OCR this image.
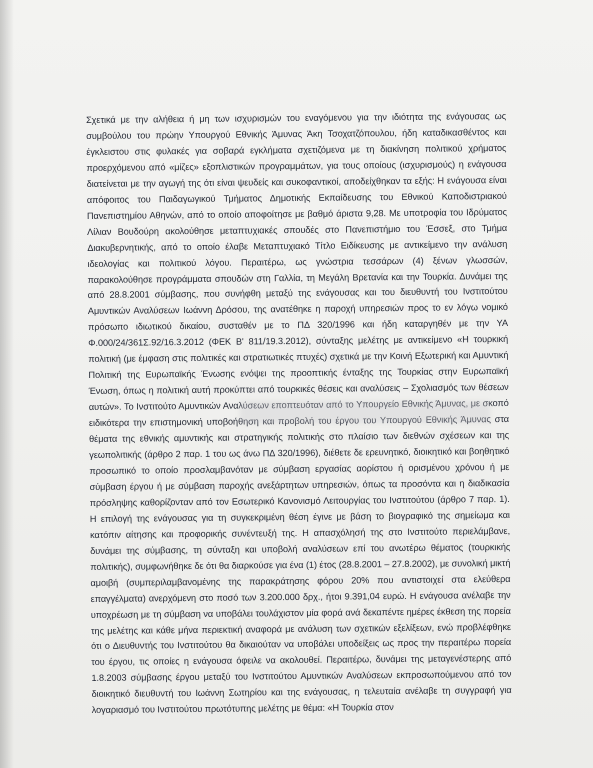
Σχετικά με την αλήθεια ή μη των ισχυρισμών του εναγόμενου για την ιδιότητα της ενάγουσας ως συμβούλου του πρώην Υπουργού Εθνικής Άμυνας Άκη Τσοχατζόπουλου, ήδη καταδικασθέντος και έγκλειστου στις φυλακές για σοβαρά εγκλήματα σχετιζόμενα με τη διακίνηση πολιτικού χρήματος προερχόμενου από «μίζες» εξοπλιστικών προγραμμάτων, για τους οποίους (ισχυρισμούς) η ενάγουσα διατείνεται με την αγωγή της ότι είναι ψευδείς και συκοφαντικοί, αποδείχθηκαν τα εξής: Η ενάγουσα είναι απόφοιτος του Παιδαγωγικού Τμήματος Δημοτικής Εκπαίδευσης του Εθνικού Καποδιστριακού Πανεπιστημίου Αθηνών, από το οποίο αποφοίτησε με βαθμό άριστα 9,28. Με υποτροφία του Ιδρύματος Λίλιαν Βουδούρη ακολούθησε μεταπτυχιακές σπουδές στο Πανεπιστήμιο του Έσσεξ, στο Τμήμα Διακυβερνητικής, από το οποίο έλαβε Μεταπτυχιακό Τίτλο Ειδίκευσης με αντικείμενο την ανάλυση ιδεολογίας και πολιτικού λόγου. Περαιτέρω, ως γνώστρια τεσσάρων (4) ξένων γλωσσών, παρακολούθησε προγράμματα σπουδών στη Γαλλία, τη Μεγάλη Βρετανία και την Τουρκία. Δυνάμει της από 28.8.2001 σύμβασης, που συνήφθη μεταξύ της ενάγουσας και του διευθυντή του Ινστιτούτου Αμυντικών Αναλύσεων Ιωάννη Δρόσου, της ανατέθηκε η παροχή υπηρεσιών προς το εν λόγω νομικό πρόσωπο ιδιωτικού δικαίου, συσταθέν με το ΠΔ 320/1996 και ήδη καταργηθέν με την ΥΑ Φ.000/24/361Σ.92/16.3.2012 (ΦΕΚ Β' 811/19.3.2012), σύνταξης μελέτης με αντικείμενο «Η τουρκική πολιτική (με έμφαση στις πολιτικές και στρατιωτικές πτυχές) σχετικά με την Κοινή Εξωτερική και Αμυντική Πολιτική της Ευρωπαϊκής Ένωσης ενόψει της προοπτικής ένταξης της Τουρκίας στην Ευρωπαϊκή Ένωση, όπως η πολιτική αυτή προκύπτει από τουρκικές θέσεις και αναλύσεις – Σχολιασμός των θέσεων αυτών». Το Ινστιτούτο Αμυντικών Αναλύσεων εποπτευόταν από το Υπουργείο Εθνικής Άμυνας, με σκοπό ειδικότερα την επιστημονική υποβοήθηση και προβολή του έργου του Υπουργού Εθνικής Άμυνας στα θέματα της εθνικής αμυντικής και στρατηγικής πολιτικής στο πλαίσιο των διεθνών σχέσεων και της γεωπολιτικής (άρθρο 2 παρ. 1 του ως άνω ΠΔ 320/1996), διέθετε δε ερευνητικό, διοικητικό και βοηθητικό προσωπικό το οποίο προσλαμβανόταν με σύμβαση εργασίας αορίστου ή ορισμένου χρόνου ή με σύμβαση έργου ή με σύμβαση παροχής ανεξάρτητων υπηρεσιών, όπως τα προσόντα και η διαδικασία πρόσληψης καθορίζονταν από τον Εσωτερικό Κανονισμό Λειτουργίας του Ινστιτούτου (άρθρο 7 παρ. 1). Η επιλογή της ενάγουσας για τη συγκεκριμένη θέση έγινε με βάση το βιογραφικό της σημείωμα και κατόπιν αίτησης και προφορικής συνέντευξή της. Η απασχόλησή της στο Ινστιτούτο περιελάμβανε, δυνάμει της σύμβασης, τη σύνταξη και υποβολή αναλύσεων επί του ανωτέρω θέματος (τουρκικής πολιτικής), συμφωνήθηκε δε ότι θα διαρκούσε για ένα (1) έτος (28.8.2001 – 27.8.2002), με συνολική μικτή αμοιβή (συμπεριλαμβανομένης της παρακράτησης φόρου 20% που αντιστοιχεί στα ελεύθερα επαγγέλματα) ανερχόμενη στο ποσό των 3.200.000 δρχ., ήτοι 9.391,04 ευρώ. Η ενάγουσα ανέλαβε την υποχρέωση με τη σύμβαση να υποβάλει τουλάχιστον μία φορά ανά δεκαπέντε ημέρες έκθεση της πορεία της μελέτης και κάθε μήνα περιεκτική αναφορά με ανάλυση των σχετικών εξελίξεων, ενώ προβλέφθηκε ότι ο Διευθυντής του Ινστιτούτου θα δικαιούταν να υποβάλει υποδείξεις ως προς την περαιτέρω πορεία του έργου, τις οποίες η ενάγουσα όφειλε να ακολουθεί. Περαιτέρω, δυνάμει της μεταγενέστερης από 1.8.2003 σύμβασης έργου μεταξύ του Ινστιτούτου Αμυντικών Αναλύσεων εκπροσωπούμενου από τον διοικητικό διευθυντή του Ιωάννη Σωτηρίου και της ενάγουσας, η τελευταία ανέλαβε τη συγγραφή για λογαριασμό του Ινστιτούτου πρωτότυπης μελέτης με θέμα: «Η Τουρκία στον
